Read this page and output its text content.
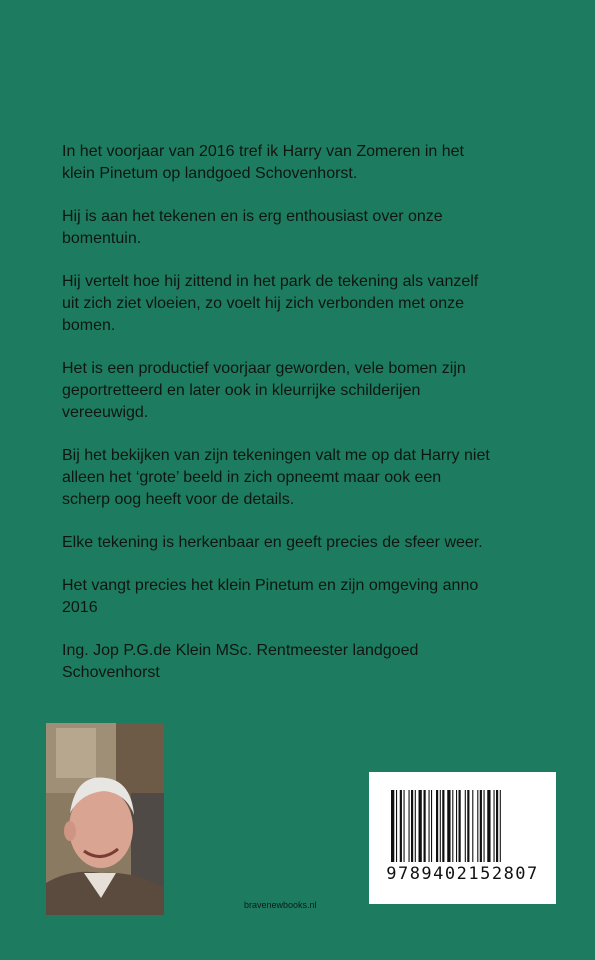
In het voorjaar van 2016 tref ik Harry van Zomeren in het
klein Pinetum op landgoed Schovenhorst.

Hij is aan het tekenen en is erg enthousiast over onze
bomentuin.

Hij vertelt hoe hij zittend in het park de tekening als vanzelf
uit zich ziet vloeien, zo voelt hij zich verbonden met onze
bomen.

Het is een productief voorjaar geworden, vele bomen zijn
geportretteerd en later ook in kleurrijke schilderijen
vereeuwigd.

Bij het bekijken van zijn tekeningen valt me op dat Harry niet
alleen het ‘grote’ beeld in zich opneemt maar ook een
scherp oog heeft voor de details.

Elke tekening is herkenbaar en geeft precies de sfeer weer.

Het vangt precies het klein Pinetum en zijn omgeving anno
2016

Ing. Jop P.G.de Klein MSc. Rentmeester landgoed
Schovenhorst

bravenewbooks.nl
9789402152807
